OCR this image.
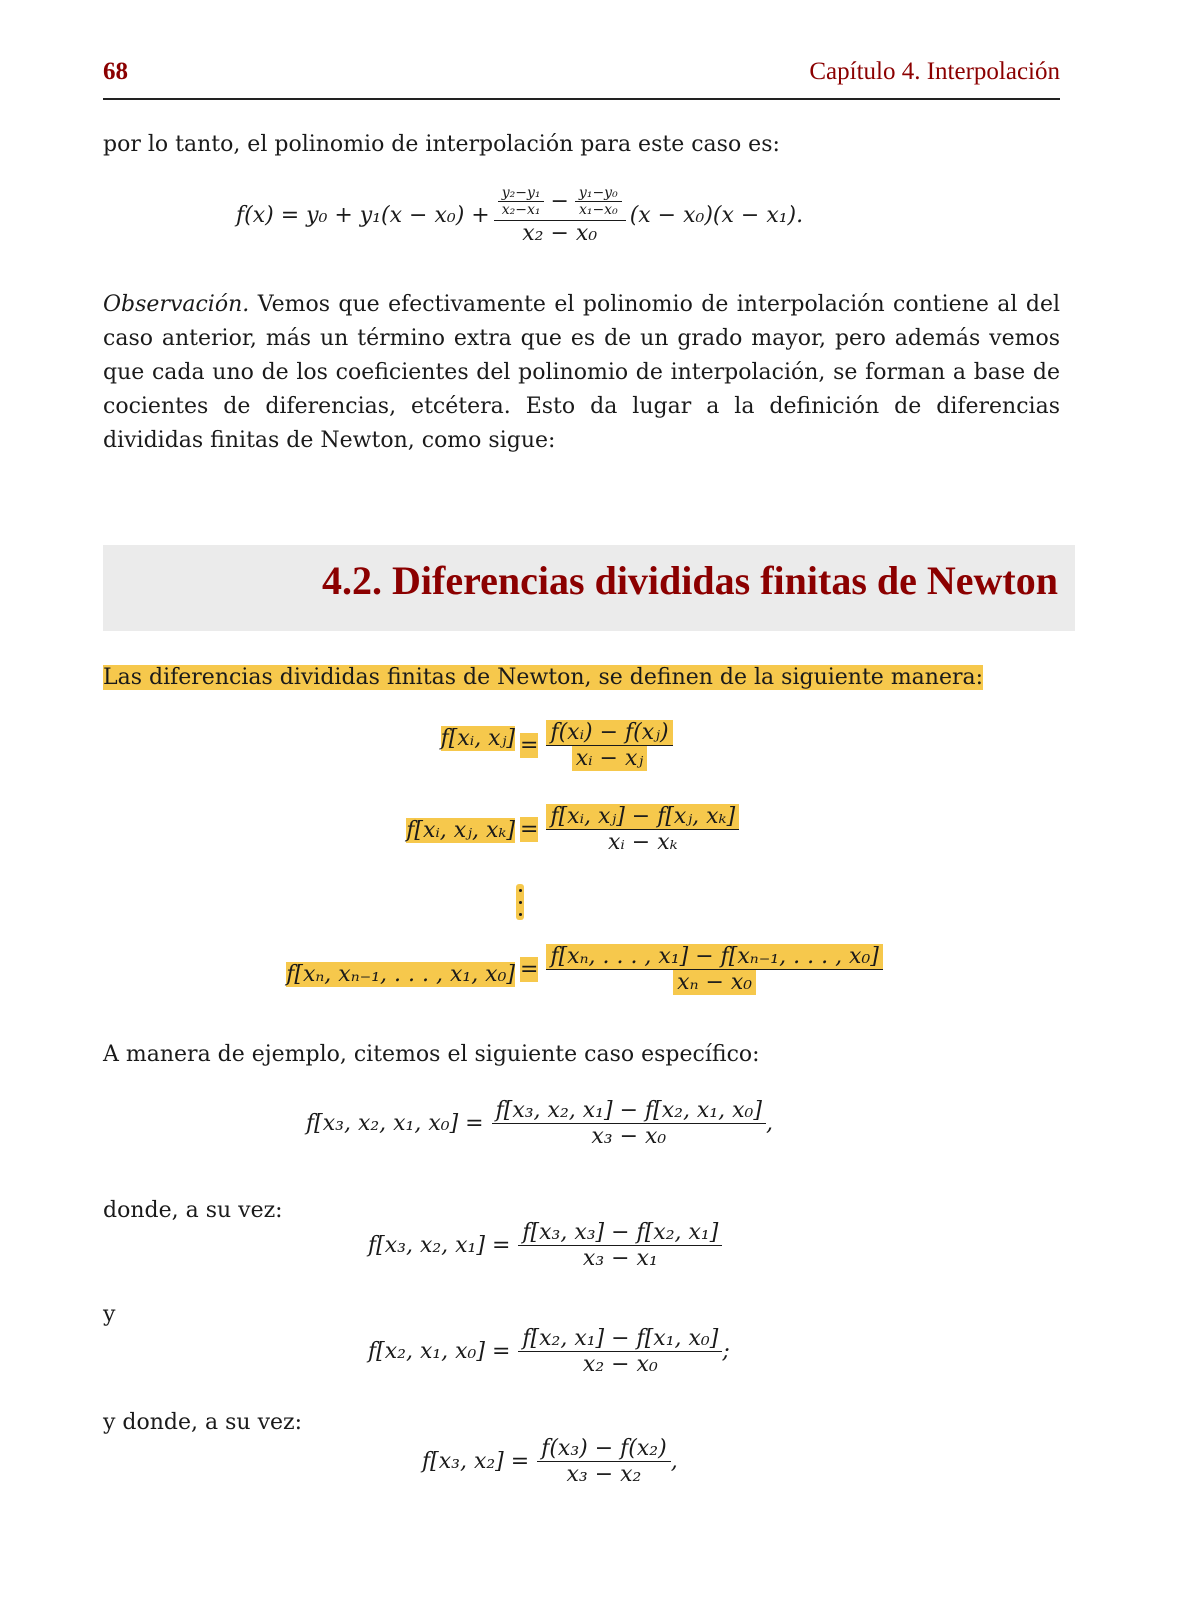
68	Capítulo 4. Interpolación
por lo tanto, el polinomio de interpolación para este caso es:
$f(x) = y_0 + y_1(x - x_0) + \frac{\text{y₂−y₁}}{\text{x₂−x₁}} - \frac{\text{y₁−y₀}}{\text{x₁−x₀}}$
x₂ − x₀
(x − x₀)(x − x₁).
Observación. Vemos que efectivamente el polinomio de interpolación contiene al del caso anterior, más un término extra que es de un grado mayor, pero además vemos que cada uno de los coeficientes del polinomio de interpolación, se forman a base de cocientes de diferencias, etcétera. Esto da lugar a la definición de diferencias divididas finitas de Newton, como sigue:
4.2. Diferencias divididas finitas de Newton
Las diferencias divididas finitas de Newton, se definen de la siguiente manera:
f[xᵢ, xⱼ] = $\frac{\text{f(xᵢ) − f(xⱼ)}}{\text{xᵢ − xⱼ}}$
f[xᵢ, xⱼ, $x_k] = \frac{\text{f[xᵢ, xⱼ] − f[xⱼ, xₖ]}}{\text{xᵢ − xₖ}}$
f[xₙ, xₙ₋₁, . . . , x₁, $x_0] = \frac{\text{f[xₙ, . . . , x₁] − f[xₙ₋₁, . . . , x₀]}}{\text{xₙ − x₀}}$
A manera de ejemplo, citemos el siguiente caso específico:
f[x₃, x₂, x₁, $x_0] = \frac{\text{f[x₃, x₂, x₁] − f[x₂, x₁, x₀]}}{\text{x₃ − x₀}}$ ,
donde, a su vez:
f[x₃, x₂, $x_1] = \frac{\text{f[x₃, x₃] − f[x₂, x₁]}}{\text{x₃ − x₁}}$
y
f[x₂, x₁, $x_0] = \frac{\text{f[x₂, x₁] − f[x₁, x₀]}}{\text{x₂ − x₀}}$ ;
y donde, a su vez:
f[x₃, $x_2] = \frac{\text{f(x₃) − f(x₂)}}{\text{x₃ − x₂}}$ ,
